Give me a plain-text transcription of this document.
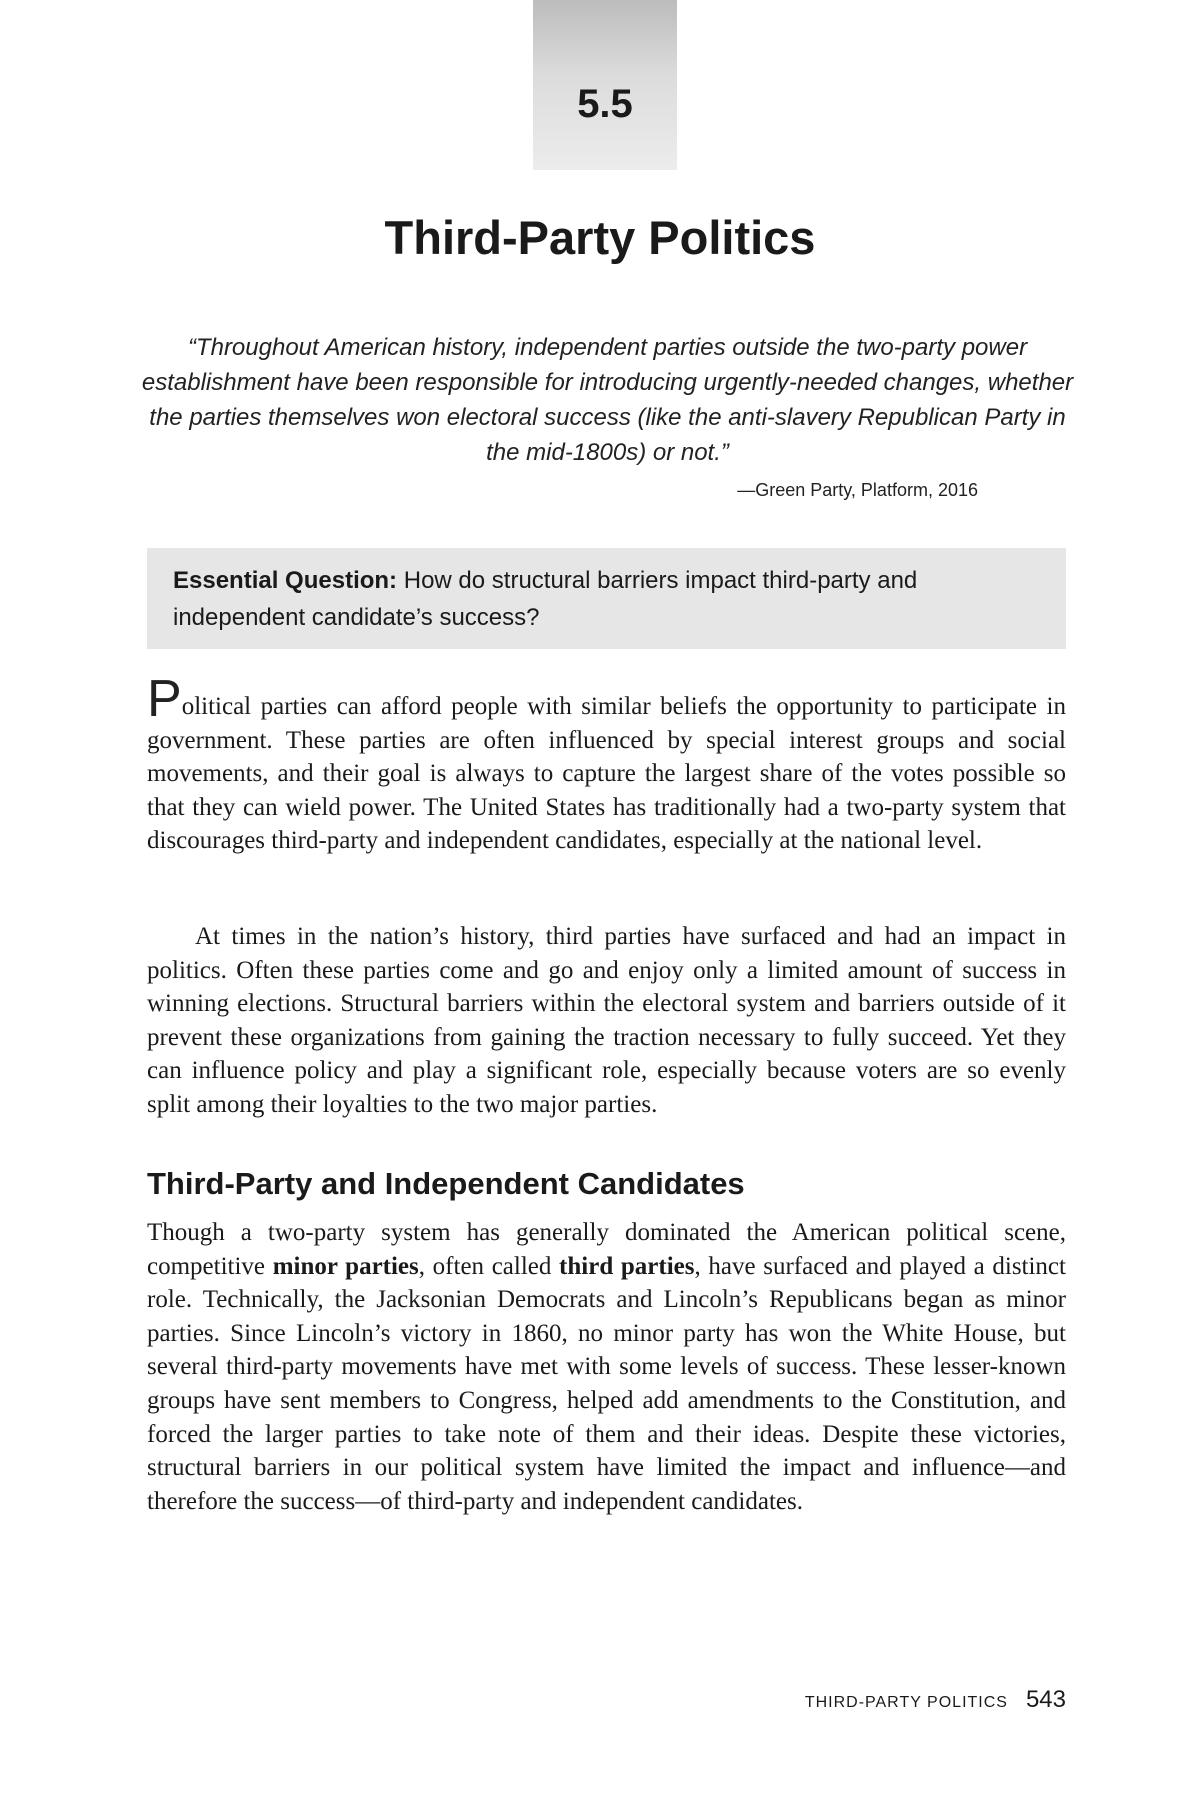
5.5
Third-Party Politics

“Throughout American history, independent parties outside the two-party power establishment have been responsible for introducing urgently-needed changes, whether the parties themselves won electoral success (like the anti-slavery Republican Party in the mid-1800s) or not.”

—Green Party, Platform, 2016

Essential Question: How do structural barriers impact third-party and independent candidate’s success?

Political parties can afford people with similar beliefs the opportunity to participate in government. These parties are often influenced by special interest groups and social movements, and their goal is always to capture the largest share of the votes possible so that they can wield power. The United States has traditionally had a two-party system that discourages third-party and independent candidates, especially at the national level.

At times in the nation’s history, third parties have surfaced and had an impact in politics. Often these parties come and go and enjoy only a limited amount of success in winning elections. Structural barriers within the electoral system and barriers outside of it prevent these organizations from gaining the traction necessary to fully succeed. Yet they can influence policy and play a significant role, especially because voters are so evenly split among their loyalties to the two major parties.

Third-Party and Independent Candidates

Though a two-party system has generally dominated the American political scene, competitive minor parties, often called third parties, have surfaced and played a distinct role. Technically, the Jacksonian Democrats and Lincoln’s Republicans began as minor parties. Since Lincoln’s victory in 1860, no minor party has won the White House, but several third-party movements have met with some levels of success. These lesser-known groups have sent members to Congress, helped add amendments to the Constitution, and forced the larger parties to take note of them and their ideas. Despite these victories, structural barriers in our political system have limited the impact and influence—and therefore the success—of third-party and independent candidates.

THIRD-PARTY POLITICS 543
